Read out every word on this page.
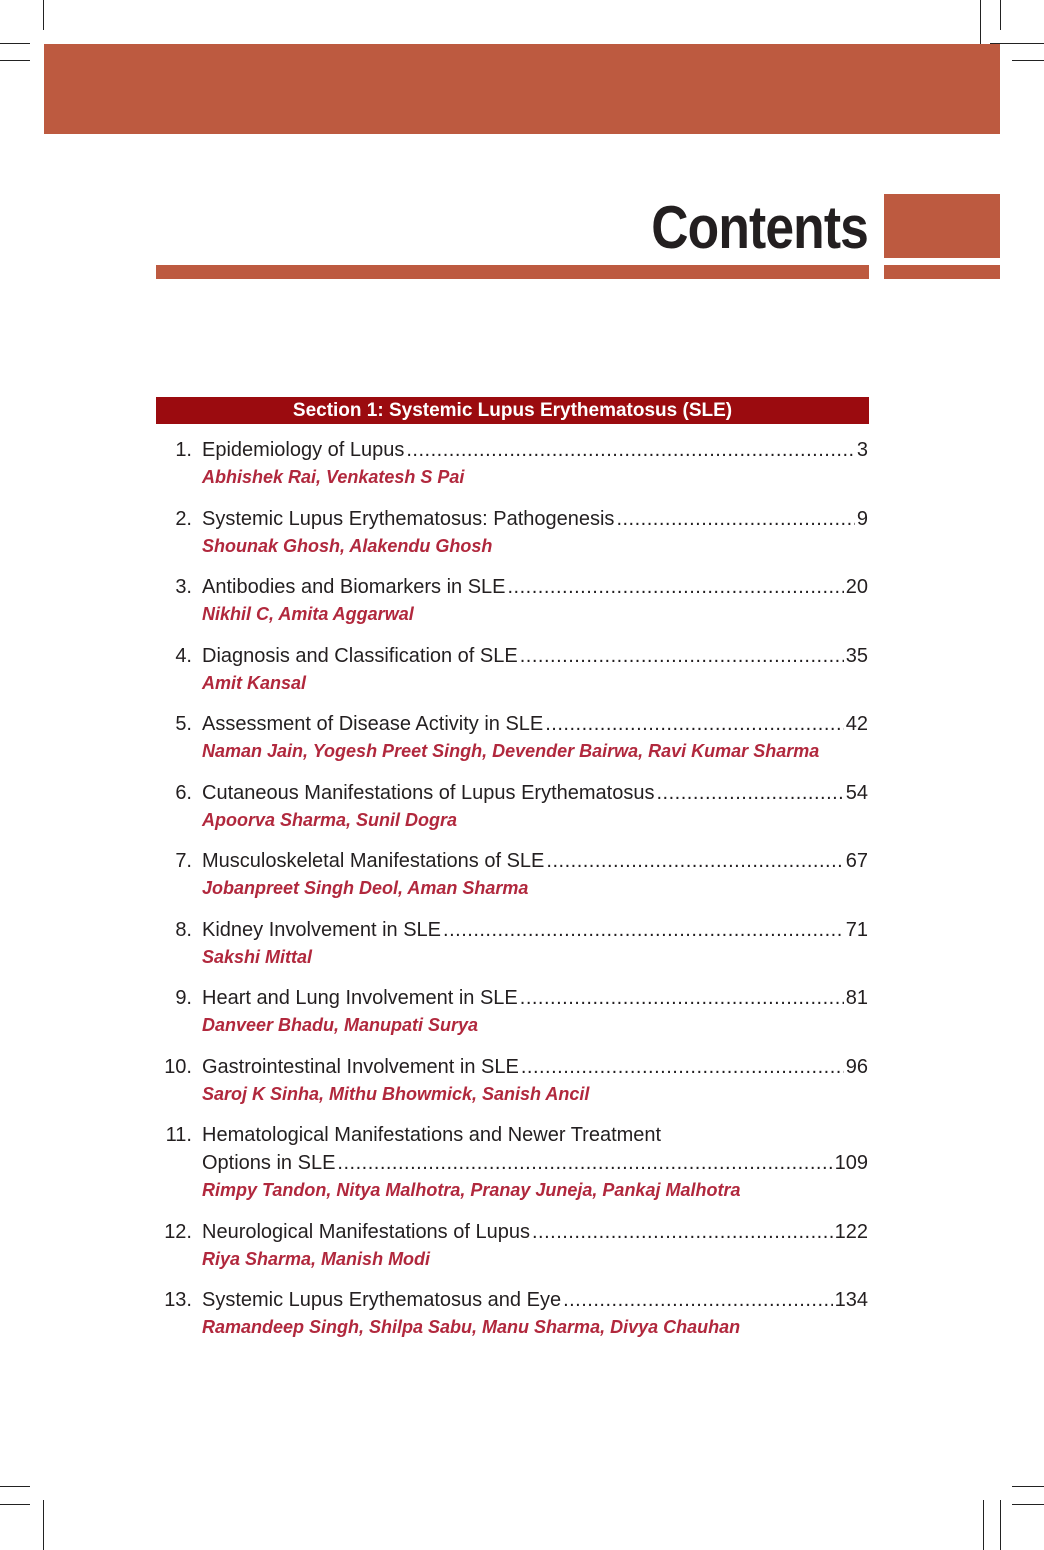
Contents
Section 1: Systemic Lupus Erythematosus (SLE)
1. Epidemiology of Lupus .....	3
Abhishek Rai, Venkatesh S Pai
2. Systemic Lupus Erythematosus: Pathogenesis .....	9
Shounak Ghosh, Alakendu Ghosh
3. Antibodies and Biomarkers in SLE .....	20
Nikhil C, Amita Aggarwal
4. Diagnosis and Classification of SLE .....	35
Amit Kansal
5. Assessment of Disease Activity in SLE .....	42
Naman Jain, Yogesh Preet Singh, Devender Bairwa, Ravi Kumar Sharma
6. Cutaneous Manifestations of Lupus Erythematosus .....	54
Apoorva Sharma, Sunil Dogra
7. Musculoskeletal Manifestations of SLE .....	67
Jobanpreet Singh Deol, Aman Sharma
8. Kidney Involvement in SLE .....	71
Sakshi Mittal
9. Heart and Lung Involvement in SLE .....	81
Danveer Bhadu, Manupati Surya
10. Gastrointestinal Involvement in SLE .....	96
Saroj K Sinha, Mithu Bhowmick, Sanish Ancil
11. Hematological Manifestations and Newer Treatment
Options in SLE .....	109
Rimpy Tandon, Nitya Malhotra, Pranay Juneja, Pankaj Malhotra
12. Neurological Manifestations of Lupus .....	122
Riya Sharma, Manish Modi
13. Systemic Lupus Erythematosus and Eye .....	134
Ramandeep Singh, Shilpa Sabu, Manu Sharma, Divya Chauhan
